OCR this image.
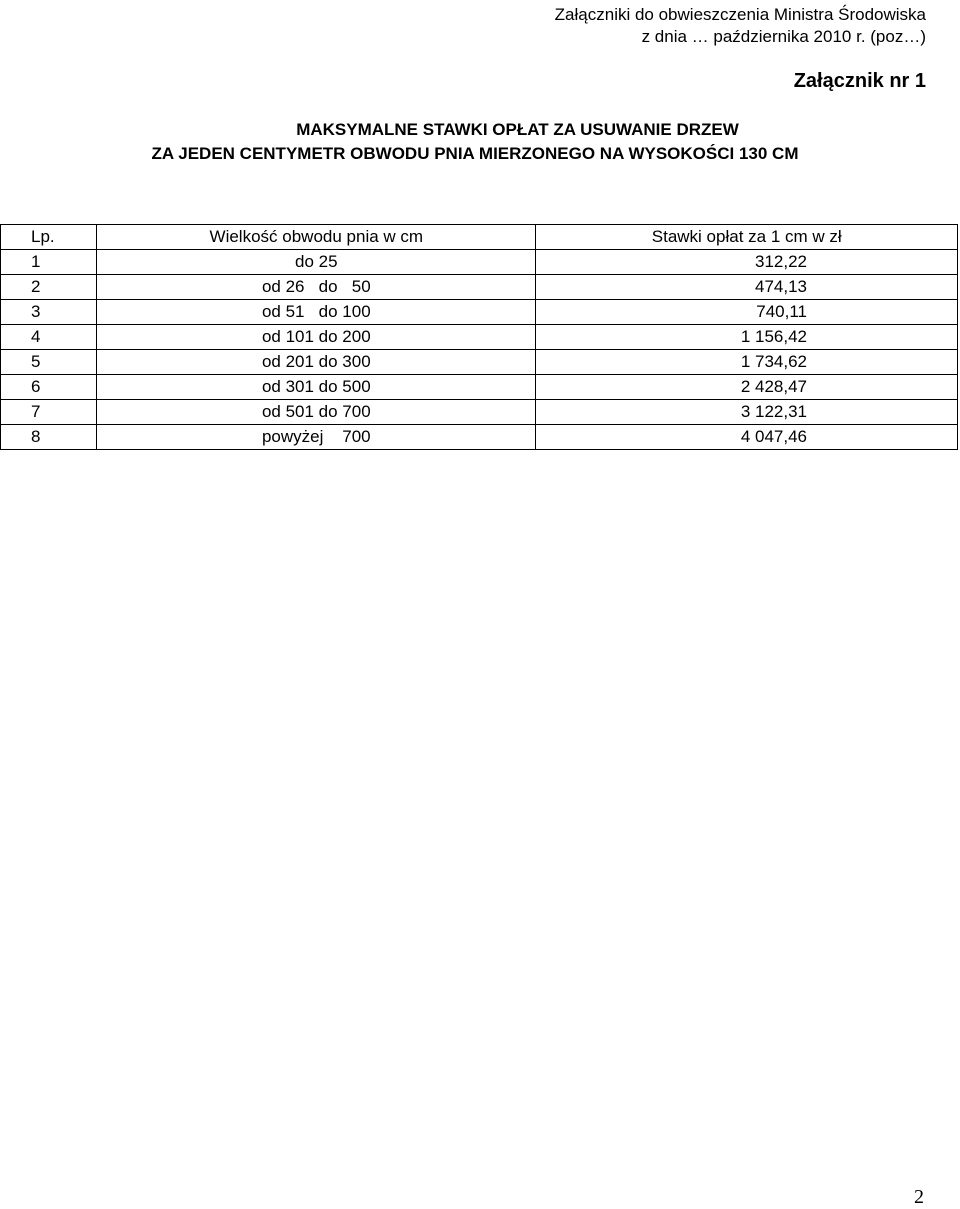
Załączniki do obwieszczenia Ministra Środowiska
z dnia … października 2010 r. (poz…)
Załącznik nr 1
MAKSYMALNE STAWKI OPŁAT ZA USUWANIE DRZEW
ZA JEDEN CENTYMETR OBWODU PNIA MIERZONEGO NA WYSOKOŚCI 130 CM
Lp.	Wielkość obwodu pnia w cm	Stawki opłat za 1 cm w zł
1	do 25	312,22
2	od 26   do   50	474,13
3	od 51   do 100	740,11
4	od 101 do 200	1 156,42
5	od 201 do 300	1 734,62
6	od 301 do 500	2 428,47
7	od 501 do 700	3 122,31
8	powyżej    700	4 047,46
2
